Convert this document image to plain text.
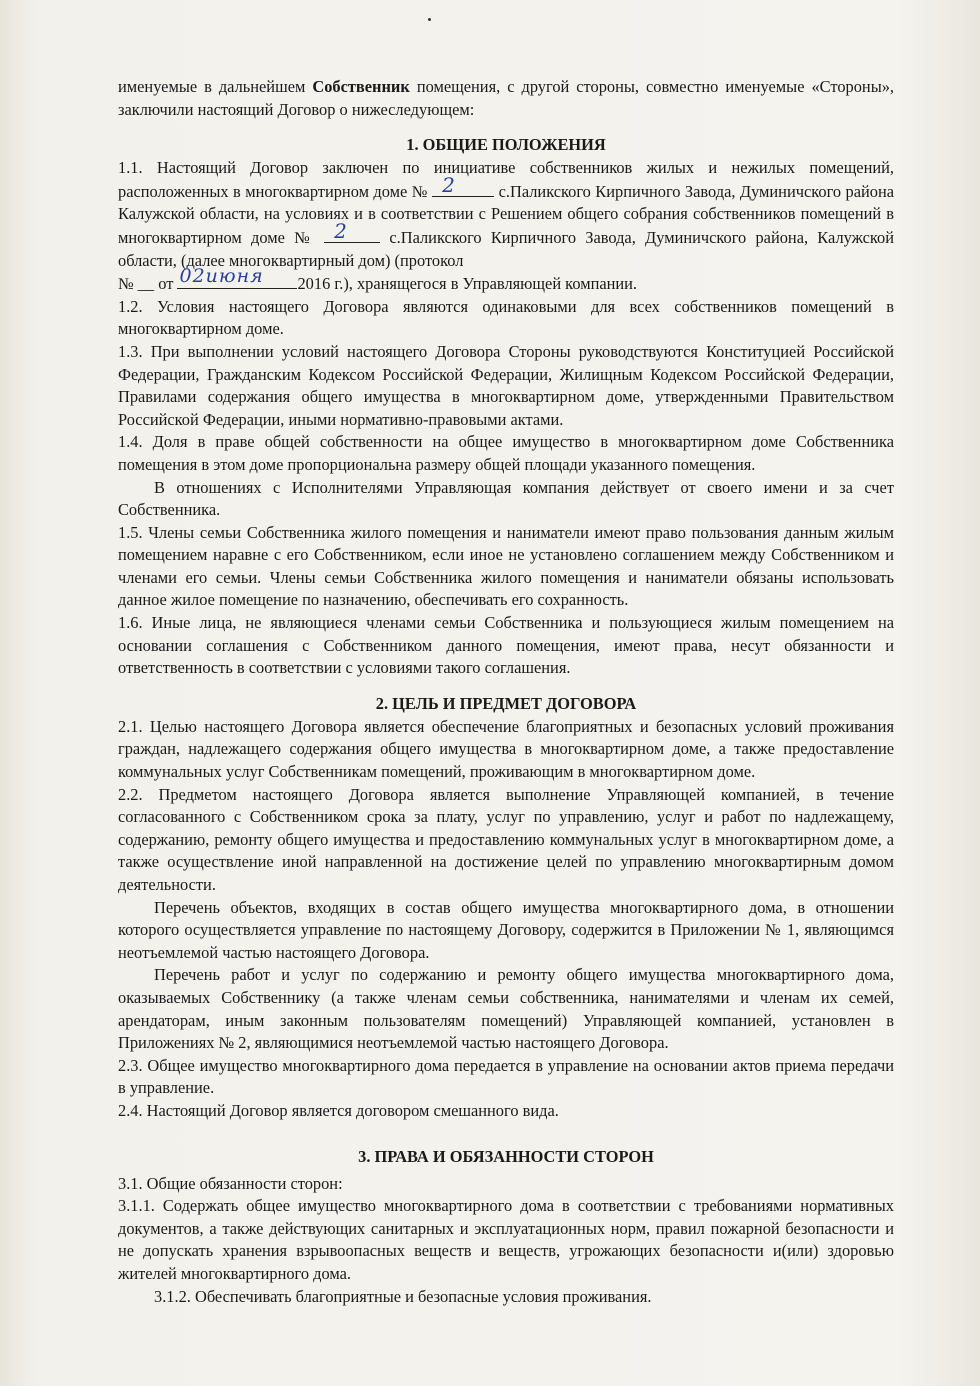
именуемые в дальнейшем Собственник помещения, с другой стороны, совместно именуемые «Стороны», заключили настоящий Договор о нижеследующем:

1. ОБЩИЕ ПОЛОЖЕНИЯ

1.1. Настоящий Договор заключен по инициативе собственников жилых и нежилых помещений, расположенных в многоквартирном доме № 2	с.Паликского Кирпичного Завода, Думиничского района Калужской области, на условиях и в соответствии с Решением общего собрания собственников помещений в многоквартирном доме № 2	с.Паликского Кирпичного Завода, Думиничского района, Калужской области, (далее многоквартирный дом) (протокол
№ __ от 02июня 2016 г.), хранящегося в Управляющей компании.

1.2. Условия настоящего Договора являются одинаковыми для всех собственников помещений в многоквартирном доме.

1.3. При выполнении условий настоящего Договора Стороны руководствуются Конституцией Российской Федерации, Гражданским Кодексом Российской Федерации, Жилищным Кодексом Российской Федерации, Правилами содержания общего имущества в многоквартирном доме, утвержденными Правительством Российской Федерации, иными нормативно-правовыми актами.

1.4. Доля в праве общей собственности на общее имущество в многоквартирном доме Собственника помещения в этом доме пропорциональна размеру общей площади указанного помещения.

В отношениях с Исполнителями Управляющая компания действует от своего имени и за счет Собственника.

1.5. Члены семьи Собственника жилого помещения и наниматели имеют право пользования данным жилым помещением наравне с его Собственником, если иное не установлено соглашением между Собственником и членами его семьи. Члены семьи Собственника жилого помещения и наниматели обязаны использовать данное жилое помещение по назначению, обеспечивать его сохранность.

1.6. Иные лица, не являющиеся членами семьи Собственника и пользующиеся жилым помещением на основании соглашения с Собственником данного помещения, имеют права, несут обязанности и ответственность в соответствии с условиями такого соглашения.

2. ЦЕЛЬ И ПРЕДМЕТ ДОГОВОРА

2.1. Целью настоящего Договора является обеспечение благоприятных и безопасных условий проживания граждан, надлежащего содержания общего имущества в многоквартирном доме, а также предоставление коммунальных услуг Собственникам помещений, проживающим в многоквартирном доме.

2.2. Предметом настоящего Договора является выполнение Управляющей компанией, в течение согласованного с Собственником срока за плату, услуг по управлению, услуг и работ по надлежащему, содержанию, ремонту общего имущества и предоставлению коммунальных услуг в многоквартирном доме, а также осуществление иной направленной на достижение целей по управлению многоквартирным домом деятельности.

Перечень объектов, входящих в состав общего имущества многоквартирного дома, в отношении которого осуществляется управление по настоящему Договору, содержится в Приложении № 1, являющимся неотъемлемой частью настоящего Договора.

Перечень работ и услуг по содержанию и ремонту общего имущества многоквартирного дома, оказываемых Собственнику (а также членам семьи собственника, нанимателями и членам их семей, арендаторам, иным законным пользователям помещений) Управляющей компанией, установлен в Приложениях № 2, являющимися неотъемлемой частью настоящего Договора.

2.3. Общее имущество многоквартирного дома передается в управление на основании актов приема передачи в управление.

2.4. Настоящий Договор является договором смешанного вида.

3. ПРАВА И ОБЯЗАННОСТИ СТОРОН

3.1. Общие обязанности сторон:

3.1.1. Содержать общее имущество многоквартирного дома в соответствии с требованиями нормативных документов, а также действующих санитарных и эксплуатационных норм, правил пожарной безопасности и не допускать хранения взрывоопасных веществ и веществ, угрожающих безопасности и(или) здоровью жителей многоквартирного дома.

3.1.2. Обеспечивать благоприятные и безопасные условия проживания.
